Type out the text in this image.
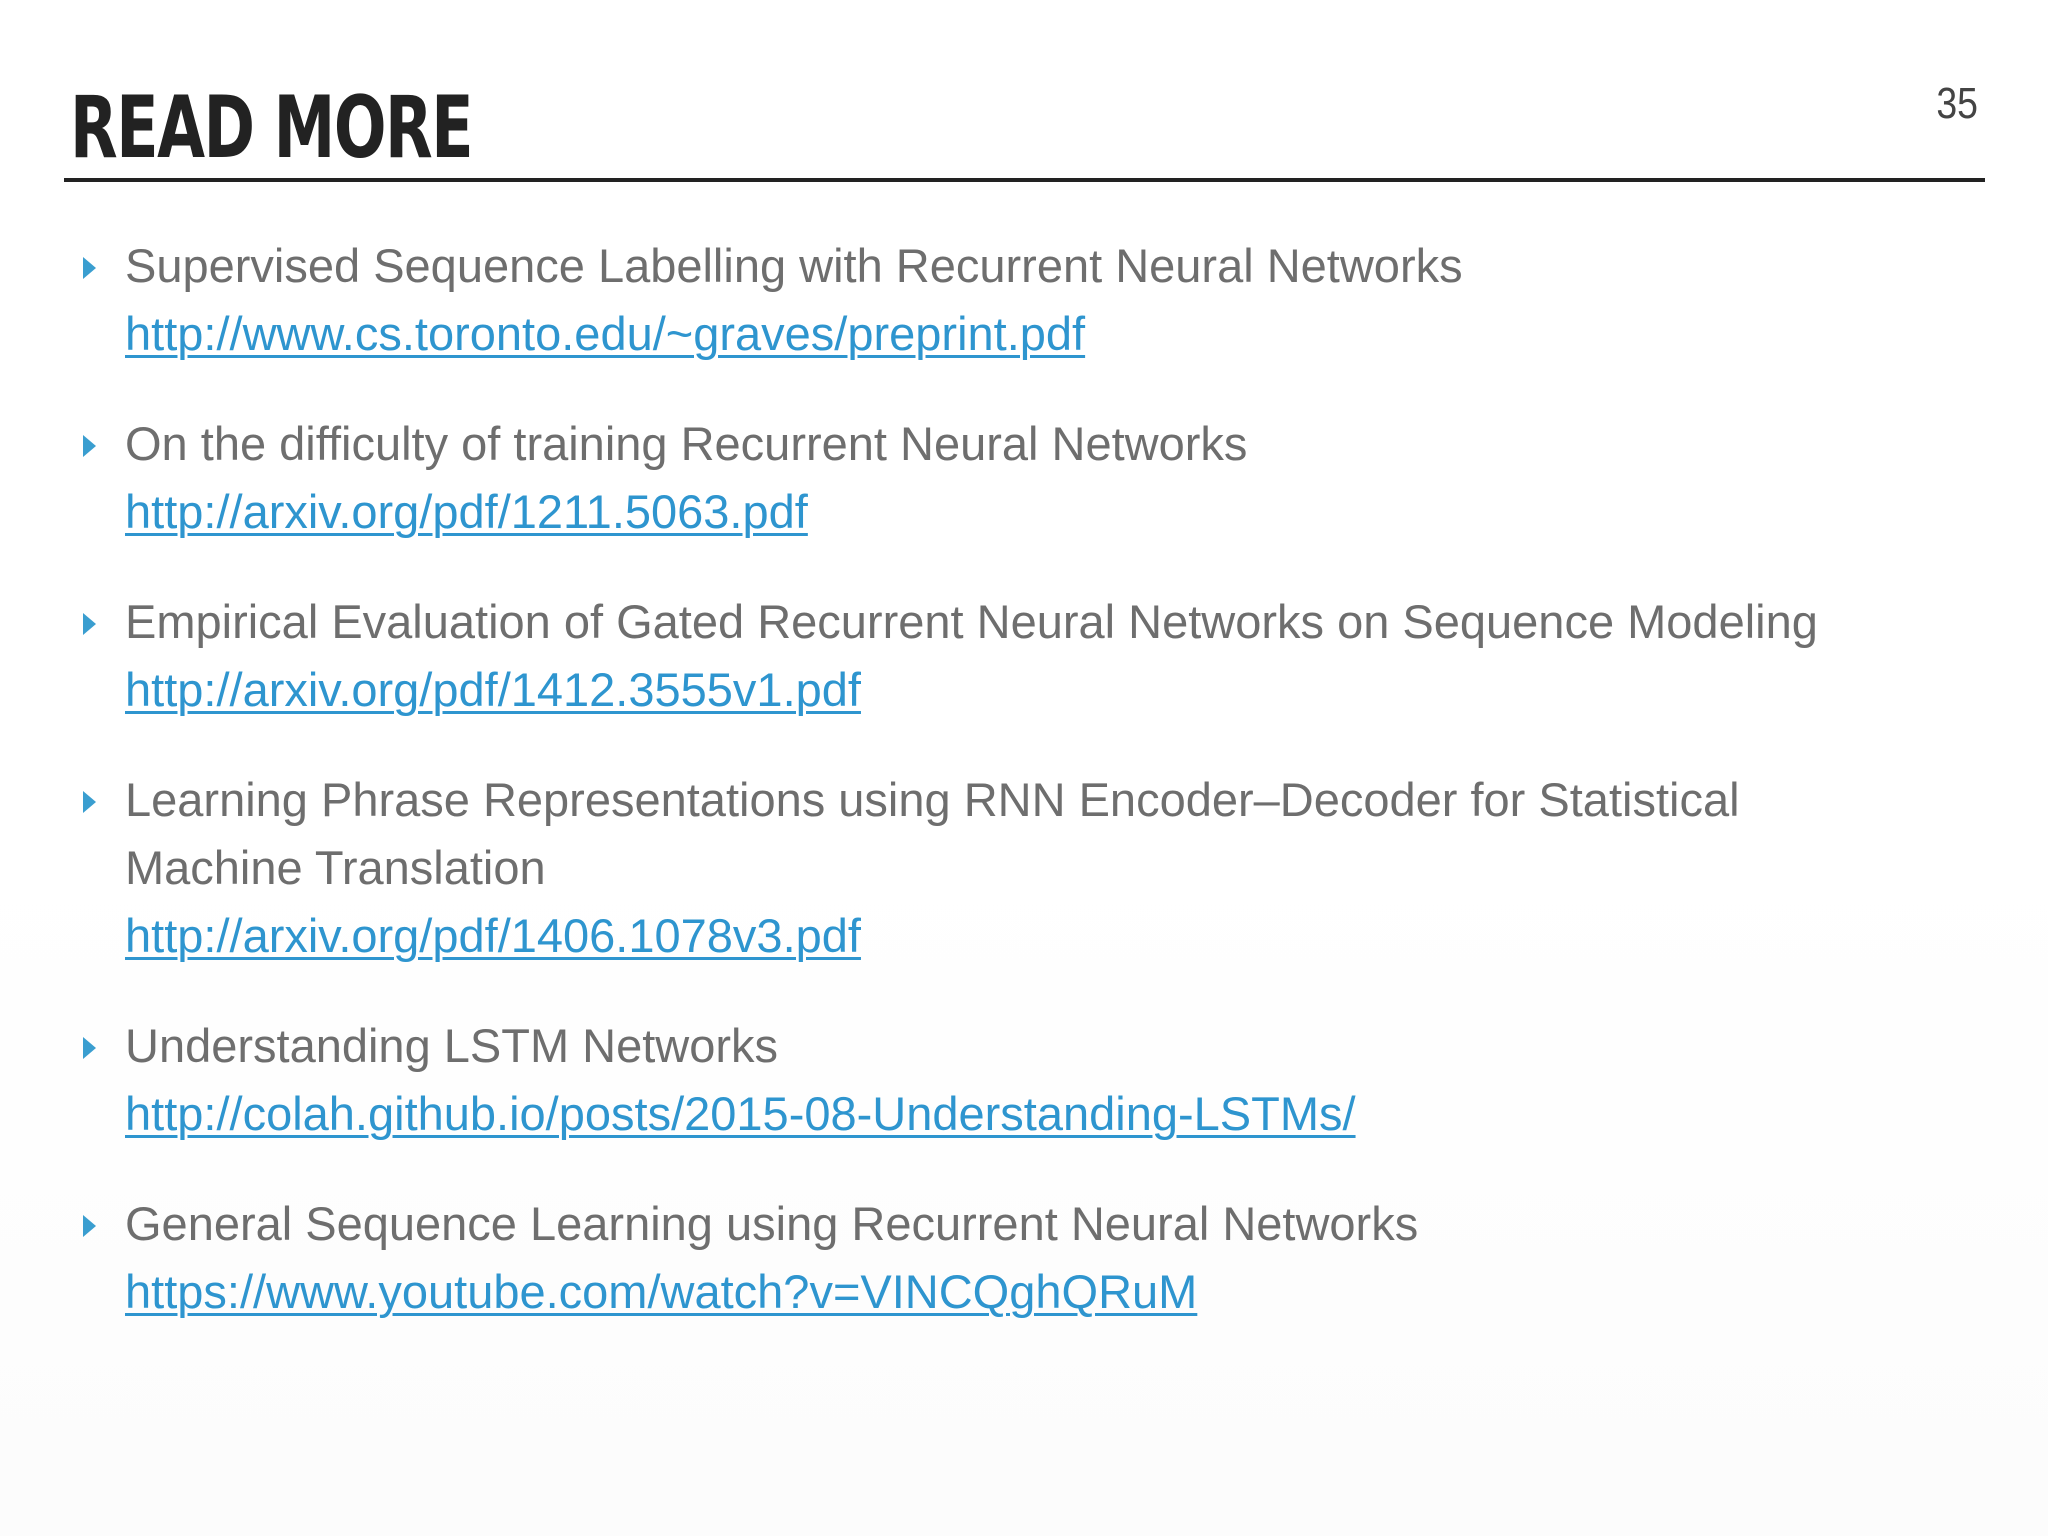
READ MORE	35
Supervised Sequence Labelling with Recurrent Neural Networks
http://www.cs.toronto.edu/~graves/preprint.pdf
On the difficulty of training Recurrent Neural Networks
http://arxiv.org/pdf/1211.5063.pdf
Empirical Evaluation of Gated Recurrent Neural Networks on Sequence Modeling
http://arxiv.org/pdf/1412.3555v1.pdf
Learning Phrase Representations using RNN Encoder–Decoder for Statistical
Machine Translation
http://arxiv.org/pdf/1406.1078v3.pdf
Understanding LSTM Networks
http://colah.github.io/posts/2015-08-Understanding-LSTMs/
General Sequence Learning using Recurrent Neural Networks
https://www.youtube.com/watch?v=VINCQghQRuM
